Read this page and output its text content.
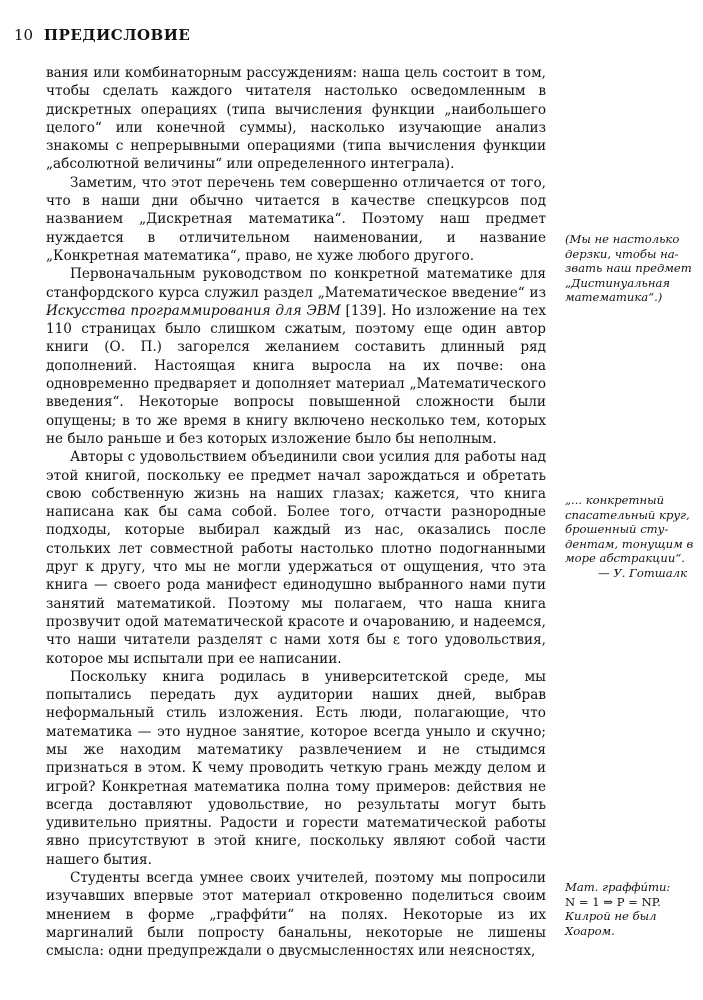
10 ПРЕДИСЛОВИЕ

вания или комбинаторным рассуждениям: наша цель состоит в том, чтобы сделать каждого читателя настолько осведомленным в дискретных операциях (типа вычисления функции „наибольшего целого“ или конечной суммы), насколько изучающие анализ знакомы с непрерывными операциями (типа вычисления функции „абсолютной величины“ или определенного интеграла).

Заметим, что этот перечень тем совершенно отличается от того, что в наши дни обычно читается в качестве спецкурсов под названием „Дискретная математика“. Поэтому наш предмет нуждается в отличительном наименовании, и название „Конкретная математика“, право, не хуже любого другого.

Первоначальным руководством по конкретной математике для станфордского курса служил раздел „Математическое введение“ из Искусства программирования для ЭВМ [139]. Но изложение на тех 110 страницах было слишком сжатым, поэтому еще один автор книги (О. П.) загорелся желанием составить длинный ряд дополнений. Настоящая книга выросла на их почве: она одновременно предваряет и дополняет материал „Математического введения“. Некоторые вопросы повышенной сложности были опущены; в то же время в книгу включено несколько тем, которых не было раньше и без которых изложение было бы неполным.

Авторы с удовольствием объединили свои усилия для работы над этой книгой, поскольку ее предмет начал зарождаться и обретать свою собственную жизнь на наших глазах; кажется, что книга написана как бы сама собой. Более того, отчасти разнородные подходы, которые выбирал каждый из нас, оказались после стольких лет совместной работы настолько плотно подогнанными друг к другу, что мы не могли удержаться от ощущения, что эта книга — своего рода манифест единодушно выбранного нами пути занятий математикой. Поэтому мы полагаем, что наша книга прозвучит одой математической красоте и очарованию, и надеемся, что наши читатели разделят с нами хотя бы ε того удовольствия, которое мы испытали при ее написании.

Поскольку книга родилась в университетской среде, мы попытались передать дух аудитории наших дней, выбрав неформальный стиль изложения. Есть люди, полагающие, что математика — это нудное занятие, которое всегда уныло и скучно; мы же находим математику развлечением и не стыдимся признаться в этом. К чему проводить четкую грань между делом и игрой? Конкретная математика полна тому примеров: действия не всегда доставляют удовольствие, но результаты могут быть удивительно приятны. Радости и горести математической работы явно присутствуют в этой книге, поскольку являют собой части нашего бытия.

Студенты всегда умнее своих учителей, поэтому мы попросили изучавших впервые этот материал откровенно поделиться своим мнением в форме „граффи́ти“ на полях. Некоторые из их маргиналий были попросту банальны, некоторые не лишены смысла: одни предупреждали о двусмысленностях или неясностях,

(Мы не настолько
дерзки, чтобы на-
звать наш предмет
„Дистинуальная
математика“.)
„... конкретный
спасательный круг,
брошенный сту-
дентам, тонущим в
море абстракции“.
— У. Готшалк
Мат. граффи́ти:
N = 1 ⇒ P = NP.
Килрой не был
Хоаром.
